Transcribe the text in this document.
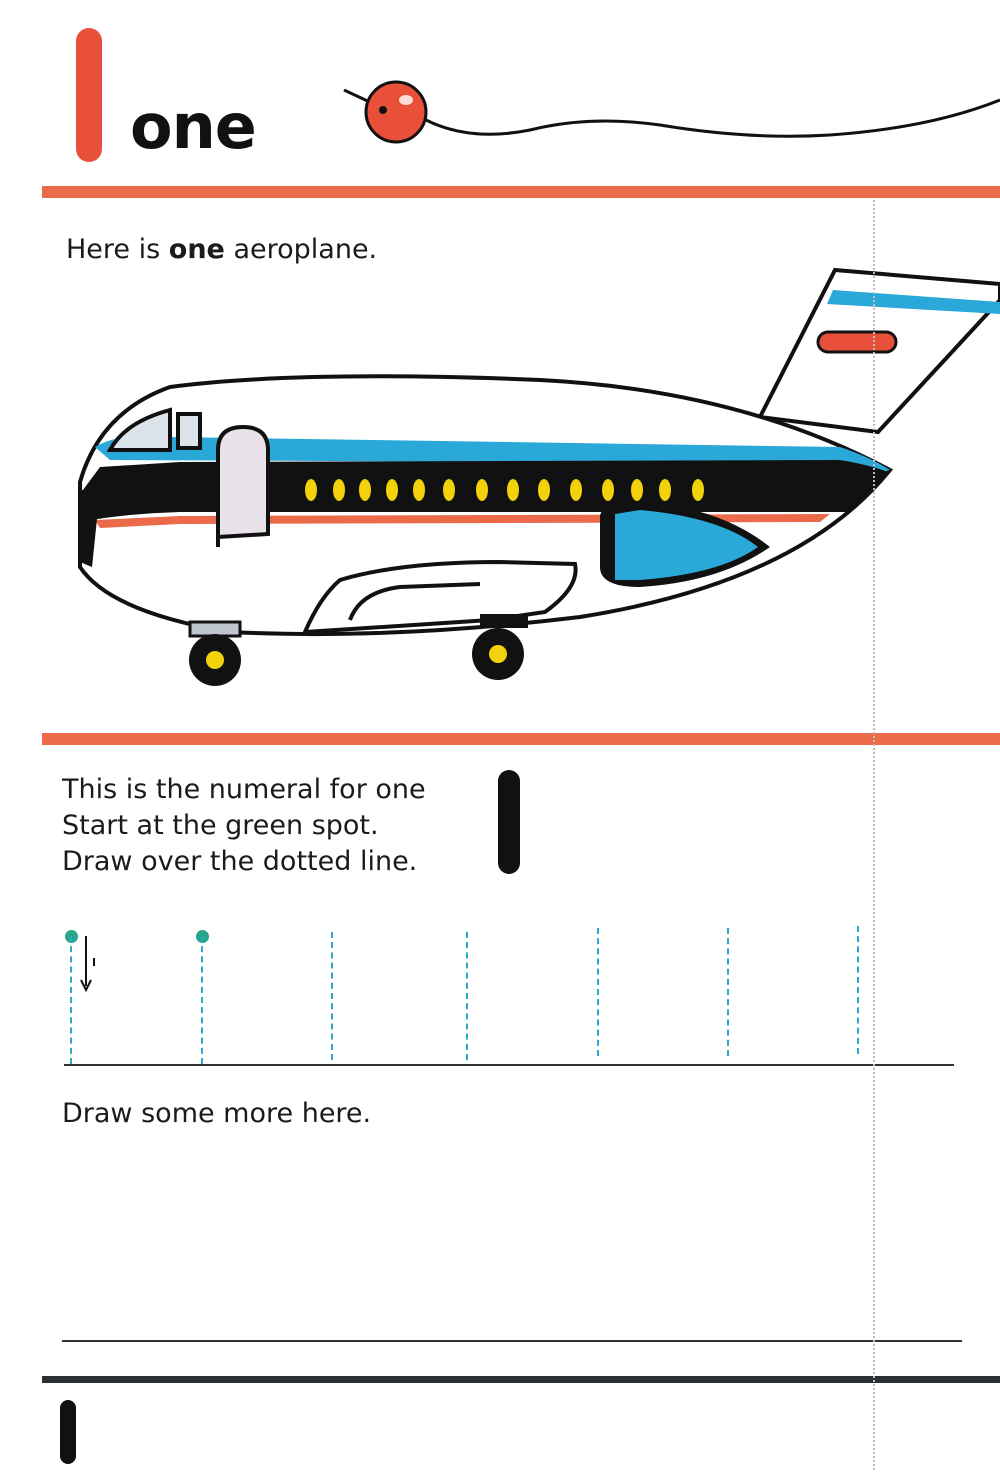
one
Here is one aeroplane.
This is the numeral for one
Start at the green spot.
Draw over the dotted line.
Draw some more here.
